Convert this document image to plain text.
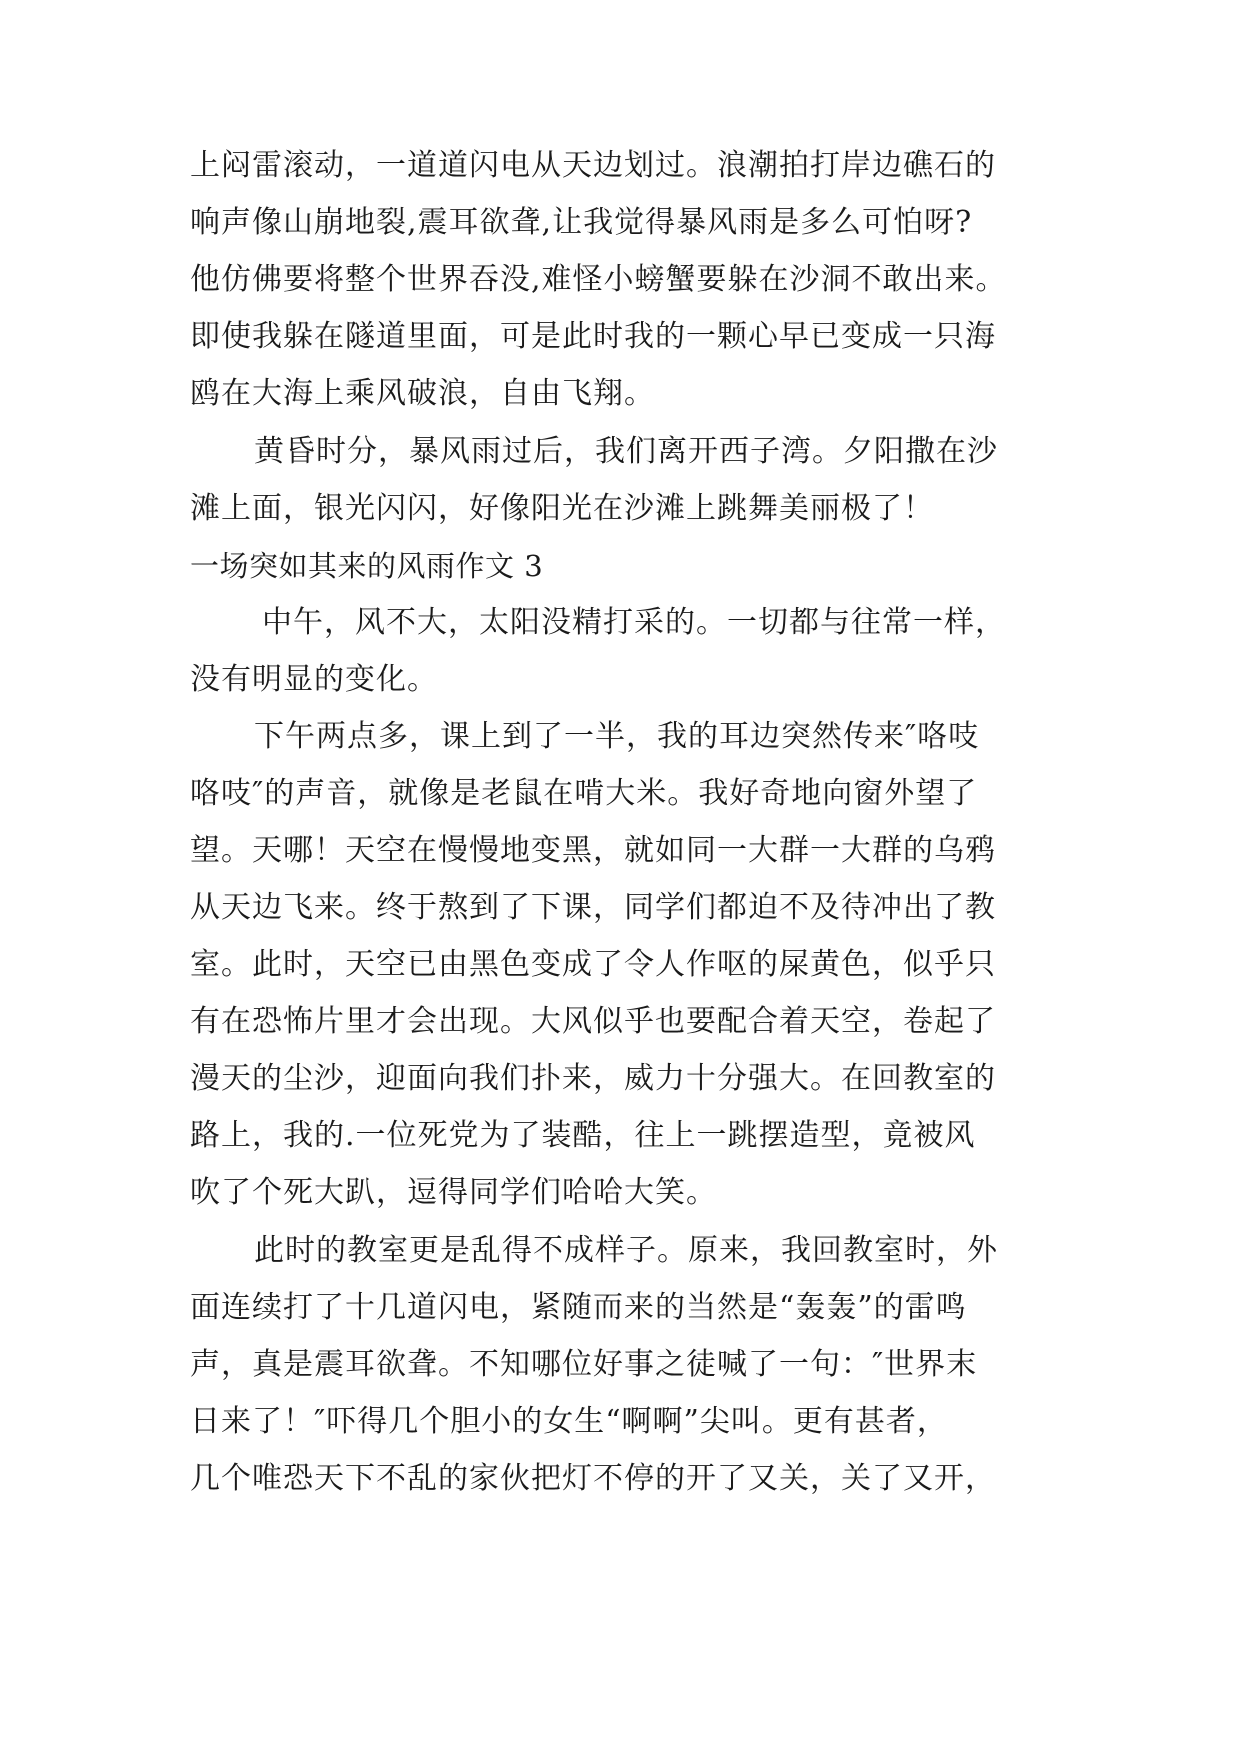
上闷雷滚动，一道道闪电从天边划过。浪潮拍打岸边礁石的
响声像山崩地裂,震耳欲聋,让我觉得暴风雨是多么可怕呀?
他仿佛要将整个世界吞没,难怪小螃蟹要躲在沙洞不敢出来。
即使我躲在隧道里面，可是此时我的一颗心早已变成一只海
鸥在大海上乘风破浪，自由飞翔。
黄昏时分，暴风雨过后，我们离开西子湾。夕阳撒在沙
滩上面，银光闪闪，好像阳光在沙滩上跳舞美丽极了！
一场突如其来的风雨作文 3
中午，风不大，太阳没精打采的。一切都与往常一样，
没有明显的变化。
下午两点多，课上到了一半，我的耳边突然传来″咯吱
咯吱″的声音，就像是老鼠在啃大米。我好奇地向窗外望了
望。天哪！天空在慢慢地变黑，就如同一大群一大群的乌鸦
从天边飞来。终于熬到了下课，同学们都迫不及待冲出了教
室。此时，天空已由黑色变成了令人作呕的屎黄色，似乎只
有在恐怖片里才会出现。大风似乎也要配合着天空，卷起了
漫天的尘沙，迎面向我们扑来，威力十分强大。在回教室的
路上，我的.一位死党为了装酷，往上一跳摆造型，竟被风
吹了个死大趴，逗得同学们哈哈大笑。
此时的教室更是乱得不成样子。原来，我回教室时，外
面连续打了十几道闪电，紧随而来的当然是“轰轰”的雷鸣
声，真是震耳欲聋。不知哪位好事之徒喊了一句：″世界末
日来了！″吓得几个胆小的女生“啊啊”尖叫。更有甚者，
几个唯恐天下不乱的家伙把灯不停的开了又关，关了又开，
